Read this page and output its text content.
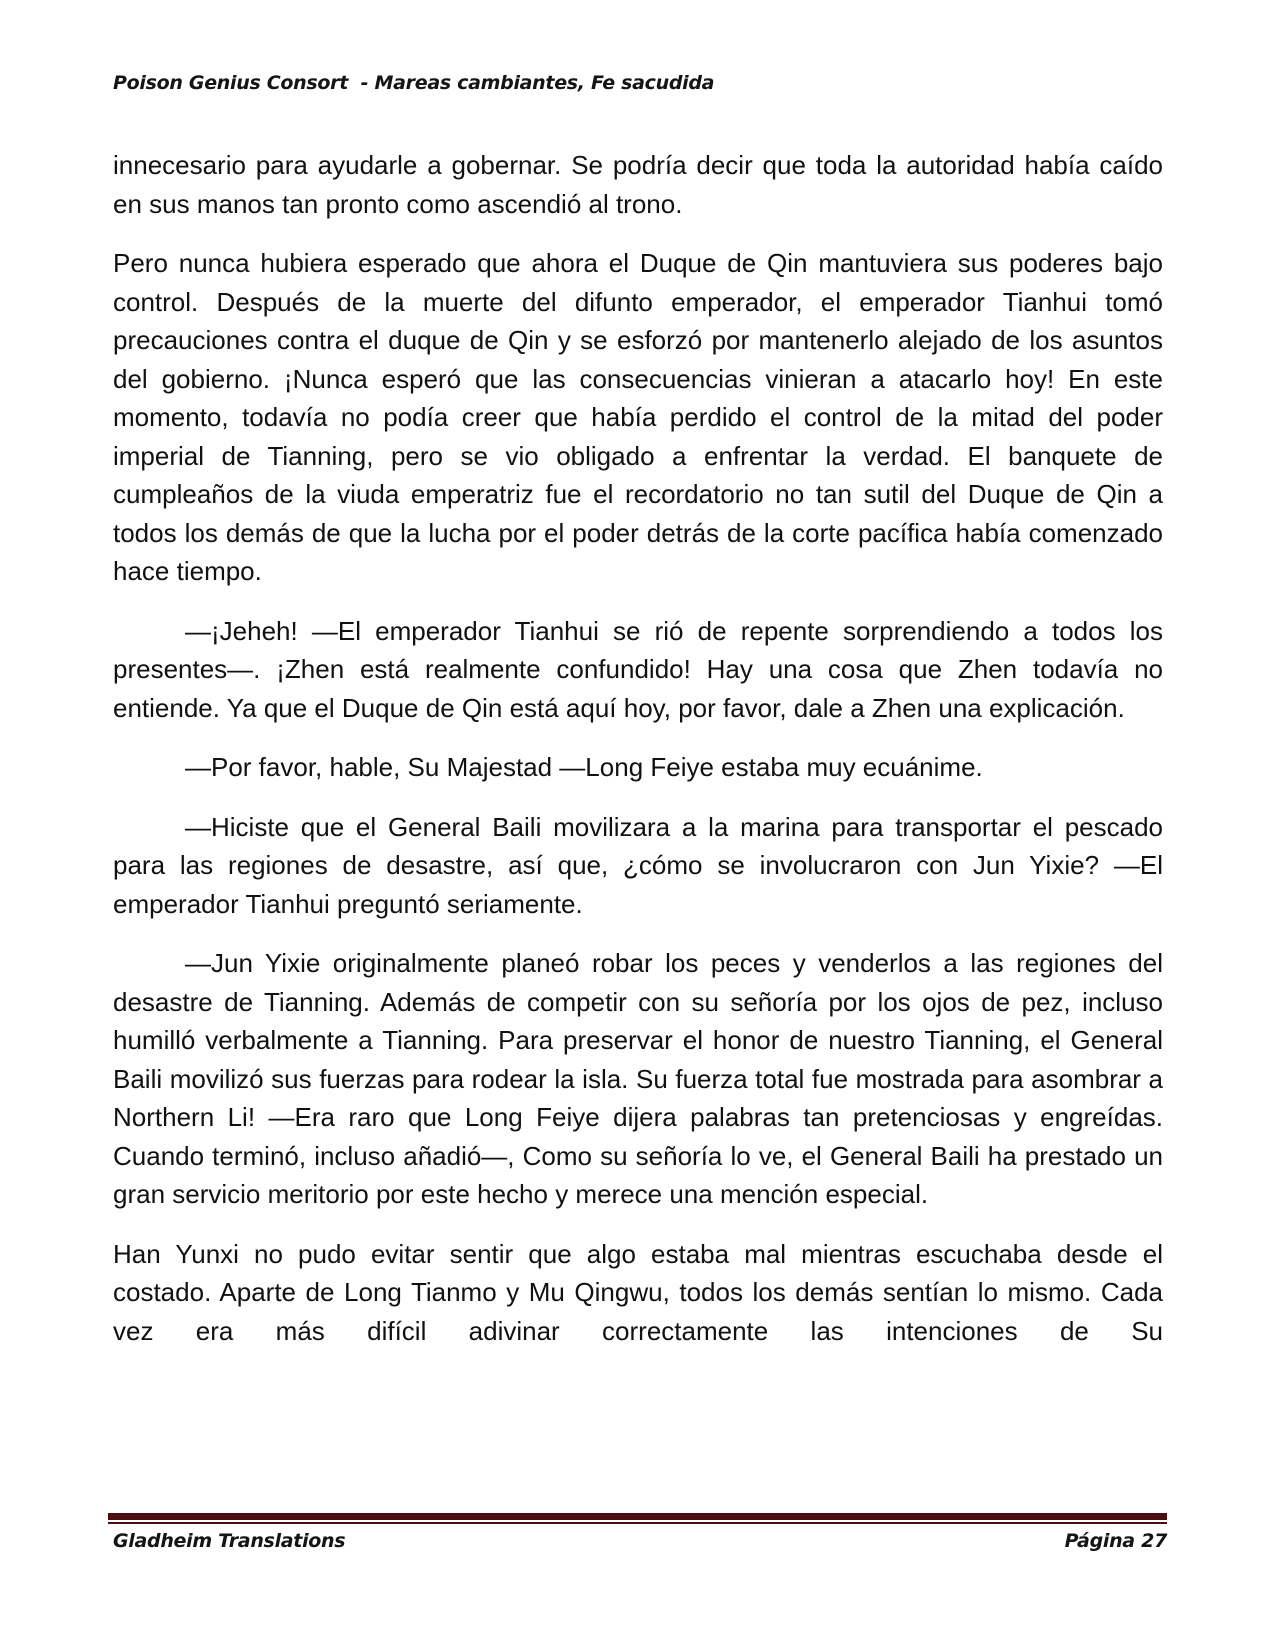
Poison Genius Consort  - Mareas cambiantes, Fe sacudida

innecesario para ayudarle a gobernar. Se podría decir que toda la autoridad había caído en sus manos tan pronto como ascendió al trono.

Pero nunca hubiera esperado que ahora el Duque de Qin mantuviera sus poderes bajo control. Después de la muerte del difunto emperador, el emperador Tianhui tomó precauciones contra el duque de Qin y se esforzó por mantenerlo alejado de los asuntos del gobierno. ¡Nunca esperó que las consecuencias vinieran a atacarlo hoy! En este momento, todavía no podía creer que había perdido el control de la mitad del poder imperial de Tianning, pero se vio obligado a enfrentar la verdad. El banquete de cumpleaños de la viuda emperatriz fue el recordatorio no tan sutil del Duque de Qin a todos los demás de que la lucha por el poder detrás de la corte pacífica había comenzado hace tiempo.

—¡Jeheh! —El emperador Tianhui se rió de repente sorprendiendo a todos los presentes—. ¡Zhen está realmente confundido! Hay una cosa que Zhen todavía no entiende. Ya que el Duque de Qin está aquí hoy, por favor, dale a Zhen una explicación.

—Por favor, hable, Su Majestad —Long Feiye estaba muy ecuánime.

—Hiciste que el General Baili movilizara a la marina para transportar el pescado para las regiones de desastre, así que, ¿cómo se involucraron con Jun Yixie? —El emperador Tianhui preguntó seriamente.

—Jun Yixie originalmente planeó robar los peces y venderlos a las regiones del desastre de Tianning. Además de competir con su señoría por los ojos de pez, incluso humilló verbalmente a Tianning. Para preservar el honor de nuestro Tianning, el General Baili movilizó sus fuerzas para rodear la isla. Su fuerza total fue mostrada para asombrar a Northern Li! —Era raro que Long Feiye dijera palabras tan pretenciosas y engreídas. Cuando terminó, incluso añadió—, Como su señoría lo ve, el General Baili ha prestado un gran servicio meritorio por este hecho y merece una mención especial.

Han Yunxi no pudo evitar sentir que algo estaba mal mientras escuchaba desde el costado. Aparte de Long Tianmo y Mu Qingwu, todos los demás sentían lo mismo. Cada vez era más difícil adivinar correctamente las intenciones de Su

Gladheim Translations	Página 27
